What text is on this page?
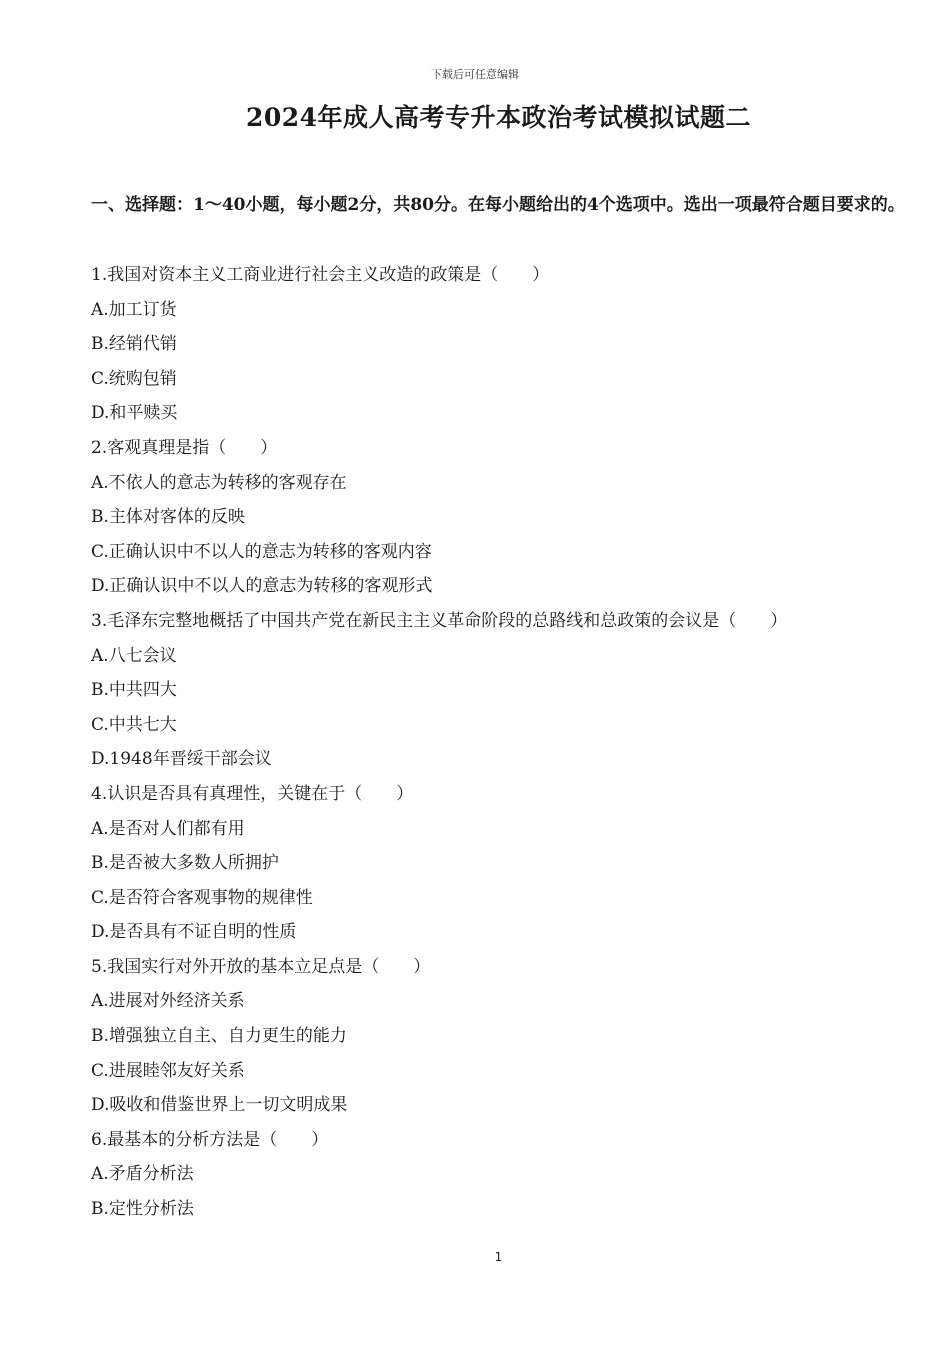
下载后可任意编辑
2024年成人高考专升本政治考试模拟试题二
一、选择题：1～40小题，每小题2分，共80分。在每小题给出的4个选项中。选出一项最符合题目要求的。
1.我国对资本主义工商业进行社会主义改造的政策是（　　）
A.加工订货
B.经销代销
C.统购包销
D.和平赎买
2.客观真理是指（　　）
A.不依人的意志为转移的客观存在
B.主体对客体的反映
C.正确认识中不以人的意志为转移的客观内容
D.正确认识中不以人的意志为转移的客观形式
3.毛泽东完整地概括了中国共产党在新民主主义革命阶段的总路线和总政策的会议是（　　）
A.八七会议
B.中共四大
C.中共七大
D.1948年晋绥干部会议
4.认识是否具有真理性，关键在于（　　）
A.是否对人们都有用
B.是否被大多数人所拥护
C.是否符合客观事物的规律性
D.是否具有不证自明的性质
5.我国实行对外开放的基本立足点是（　　）
A.进展对外经济关系
B.增强独立自主、自力更生的能力
C.进展睦邻友好关系
D.吸收和借鉴世界上一切文明成果
6.最基本的分析方法是（　　）
A.矛盾分析法
B.定性分析法
1
